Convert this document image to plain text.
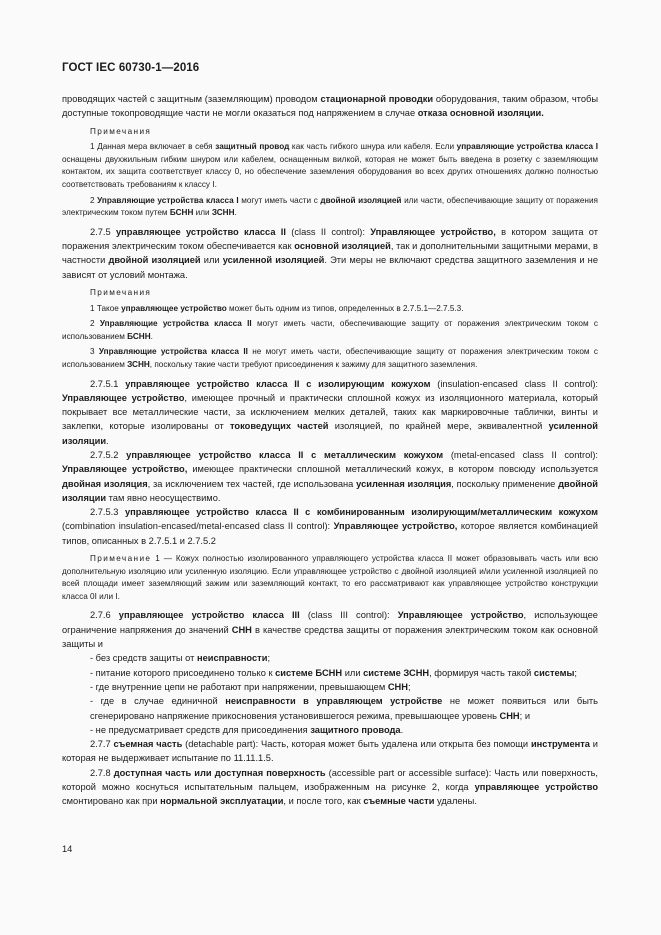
ГОСТ IEC 60730-1—2016

проводящих частей с защитным (заземляющим) проводом стационарной проводки оборудования, таким образом, чтобы доступные токопроводящие части не могли оказаться под напряжением в случае отказа основной изоляции.

Примечания

1 Данная мера включает в себя защитный провод как часть гибкого шнура или кабеля. Если управляющие устройства класса I оснащены двухжильным гибким шнуром или кабелем, оснащенным вилкой, которая не может быть введена в розетку с заземляющим контактом, их защита соответствует классу 0, но обеспечение заземления оборудования во всех других отношениях должно полностью соответствовать требованиям к классу I.

2 Управляющие устройства класса I могут иметь части с двойной изоляцией или части, обеспечивающие защиту от поражения электрическим током путем БСНН или ЗСНН.

2.7.5 управляющее устройство класса II (class II control): Управляющее устройство, в котором защита от поражения электрическим током обеспечивается как основной изоляцией, так и дополнительными защитными мерами, в частности двойной изоляцией или усиленной изоляцией. Эти меры не включают средства защитного заземления и не зависят от условий монтажа.

Примечания

1 Такое управляющее устройство может быть одним из типов, определенных в 2.7.5.1—2.7.5.3.

2 Управляющие устройства класса II могут иметь части, обеспечивающие защиту от поражения электрическим током с использованием БСНН.

3 Управляющие устройства класса II не могут иметь части, обеспечивающие защиту от поражения электрическим током с использованием ЗСНН, поскольку такие части требуют присоединения к зажиму для защитного заземления.

2.7.5.1 управляющее устройство класса II с изолирующим кожухом (insulation-encased class II control): Управляющее устройство, имеющее прочный и практически сплошной кожух из изоляционного материала, который покрывает все металлические части, за исключением мелких деталей, таких как маркировочные таблички, винты и заклепки, которые изолированы от токоведущих частей изоляцией, по крайней мере, эквивалентной усиленной изоляции.

2.7.5.2 управляющее устройство класса II с металлическим кожухом (metal-encased class II control): Управляющее устройство, имеющее практически сплошной металлический кожух, в котором повсюду используется двойная изоляция, за исключением тех частей, где использована усиленная изоляция, поскольку применение двойной изоляции там явно неосуществимо.

2.7.5.3 управляющее устройство класса II с комбинированным изолирующим/металлическим кожухом (combination insulation-encased/metal-encased class II control): Управляющее устройство, которое является комбинацией типов, описанных в 2.7.5.1 и 2.7.5.2

Примечание 1 — Кожух полностью изолированного управляющего устройства класса II может образовывать часть или всю дополнительную изоляцию или усиленную изоляцию. Если управляющее устройство с двойной изоляцией и/или усиленной изоляцией по всей площади имеет заземляющий зажим или заземляющий контакт, то его рассматривают как управляющее устройство конструкции класса 0I или I.

2.7.6 управляющее устройство класса III (class III control): Управляющее устройство, использующее ограничение напряжения до значений СНН в качестве средства защиты от поражения электрическим током как основной защиты и

- без средств защиты от неисправности;

- питание которого присоединено только к системе БСНН или системе ЗСНН, формируя часть такой системы;

- где внутренние цепи не работают при напряжении, превышающем СНН;

- где в случае единичной неисправности в управляющем устройстве не может появиться или быть сгенерировано напряжение прикосновения установившегося режима, превышающее уровень СНН; и

- не предусматривает средств для присоединения защитного провода.

2.7.7 съемная часть (detachable part): Часть, которая может быть удалена или открыта без помощи инструмента и которая не выдерживает испытание по 11.11.1.5.

2.7.8 доступная часть или доступная поверхность (accessible part or accessible surface): Часть или поверхность, которой можно коснуться испытательным пальцем, изображенным на рисунке 2, когда управляющее устройство смонтировано как при нормальной эксплуатации, и после того, как съемные части удалены.

14
